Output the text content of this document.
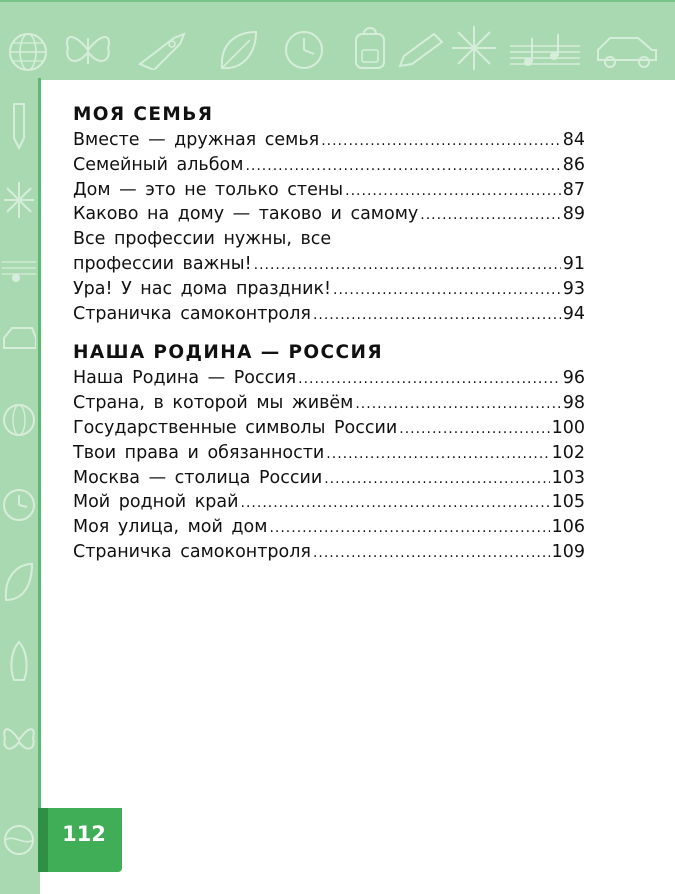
МОЯ СЕМЬЯ
Вместе — дружная семья .....	84
Семейный альбом .....	86
Дом — это не только стены .....	87
Каково на дому — таково и самому .....	89
Все профессии нужны, все
профессии важны! .....	91
Ура! У нас дома праздник! .....	93
Страничка самоконтроля .....	94
НАША РОДИНА — РОССИЯ
Наша Родина — Россия .....	96
Страна, в которой мы живём .....	98
Государственные символы России .....	100
Твои права и обязанности .....	102
Москва — столица России .....	103
Мой родной край .....	105
Моя улица, мой дом .....	106
Страничка самоконтроля .....	109
112
